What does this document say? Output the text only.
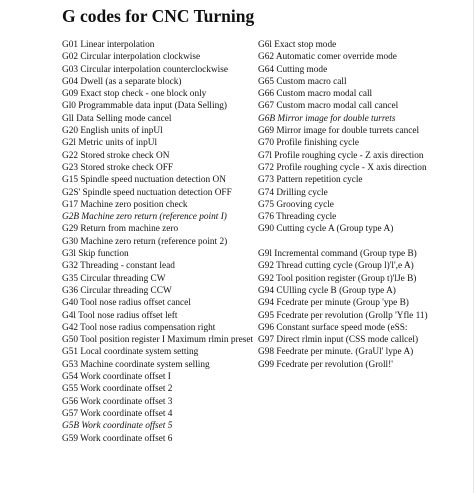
G codes for CNC Turning
G01 Linear interpolation
G02 Circular interpolation clockwise
G03 Circular interpolation counterclockwise
G04 Dwell (as a separate block)
G09 Exact stop check - one block only
Gl0 Programmable data input (Data Selling)
Gll Data Selling mode cancel
G20 English units of inpUl
G2l Metric units of inpUl
G22 Stored stroke check ON
G23 Stored stroke check OFF
G15 Spindle speed nuctuation detection ON
G2S' Spindle speed nuctuation detection OFF
G17 Machine zero position check
G2B Machine zero return (reference point I)
G29 Return from machine zero
G30 Machine zero return (reference point 2)
G3l Skip function
G32 Threading - constant lead
G35 Circular threading CW
G36 Circular threading CCW
G40 Tool nose radius offset cancel
G4l Tool nose radius offset left
G42 Tool nose radius compensation right
G50 Tool position register I Maximum rlmin preset
G51 Local coordinate system setting
G53 Machine coordinate system selling
G54 Work coordinate offset I
G55 Work coordinate offset 2
G56 Work coordinate offset 3
G57 Work coordinate offset 4
G5B Work coordinate offset 5
G59 Work coordinate offset 6
G6l Exact stop mode
G62 Automatic comer override mode
G64 Cutting mode
G65 Custom macro call
G66 Custom macro modal call
G67 Custom macro modal call cancel
G6B Mirror image for double turrets
G69 Mirror image for double turrets cancel
G70 Profile finishing cycle
G7l Profile roughing cycle - Z axis direction
G72 Profile roughing cycle - X axis direction
G73 Pattern repetition cycle
G74 Drilling cycle
G75 Grooving cycle
G76 Threading cycle
G90 Cutting cycle A (Group type A)
G9l Incremental command (Group type B)
G92 Thread cutting cycle (Group l)'l',e A)
G92 Tool position register (Group t)'lJe B)
G94 CUlling cycle B (Group type A)
G94 Fcedrate per minute (Group 'ype B)
G95 Fcedrate per revolution (Grollp 'Yfle 11)
G96 Constant surface speed mode (eSS:
G97 Direct rlmin input (CSS mode callcel)
G98 Feedrate per minute. (GraUl' lype A)
G99 Fcedrate per revolution (Groll!'
